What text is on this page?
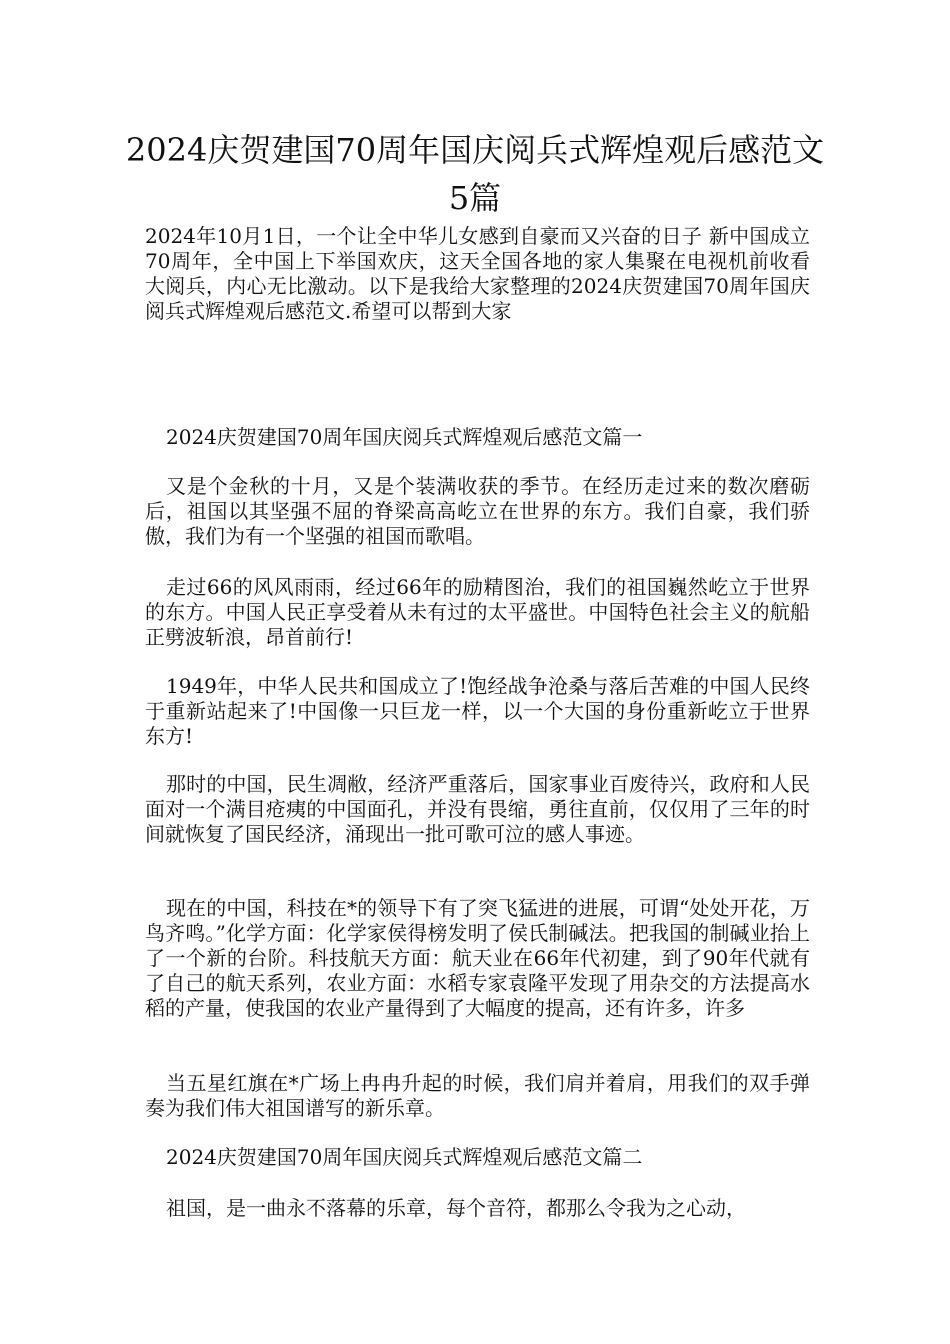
2024庆贺建国70周年国庆阅兵式辉煌观后感范文5篇

2024年10月1日，一个让全中华儿女感到自豪而又兴奋的日子 新中国成立70周年，全中国上下举国欢庆，这天全国各地的家人集聚在电视机前收看大阅兵，内心无比激动。以下是我给大家整理的2024庆贺建国70周年国庆阅兵式辉煌观后感范文.希望可以帮到大家

2024庆贺建国70周年国庆阅兵式辉煌观后感范文篇一

又是个金秋的十月，又是个装满收获的季节。在经历走过来的数次磨砺后，祖国以其坚强不屈的脊梁高高屹立在世界的东方。我们自豪，我们骄傲，我们为有一个坚强的祖国而歌唱。

走过66的风风雨雨，经过66年的励精图治，我们的祖国巍然屹立于世界的东方。中国人民正享受着从未有过的太平盛世。中国特色社会主义的航船正劈波斩浪，昂首前行!

1949年，中华人民共和国成立了!饱经战争沧桑与落后苦难的中国人民终于重新站起来了!中国像一只巨龙一样，以一个大国的身份重新屹立于世界东方!

那时的中国，民生凋敝，经济严重落后，国家事业百废待兴，政府和人民面对一个满目疮痍的中国面孔，并没有畏缩，勇往直前，仅仅用了三年的时间就恢复了国民经济，涌现出一批可歌可泣的感人事迹。

现在的中国，科技在*的领导下有了突飞猛进的进展，可谓“处处开花，万鸟齐鸣。”化学方面：化学家侯得榜发明了侯氏制碱法。把我国的制碱业抬上了一个新的台阶。科技航天方面：航天业在66年代初建，到了90年代就有了自己的航天系列，农业方面：水稻专家袁隆平发现了用杂交的方法提高水稻的产量，使我国的农业产量得到了大幅度的提高，还有许多，许多

当五星红旗在*广场上冉冉升起的时候，我们肩并着肩，用我们的双手弹奏为我们伟大祖国谱写的新乐章。

2024庆贺建国70周年国庆阅兵式辉煌观后感范文篇二

祖国，是一曲永不落幕的乐章，每个音符，都那么令我为之心动，
